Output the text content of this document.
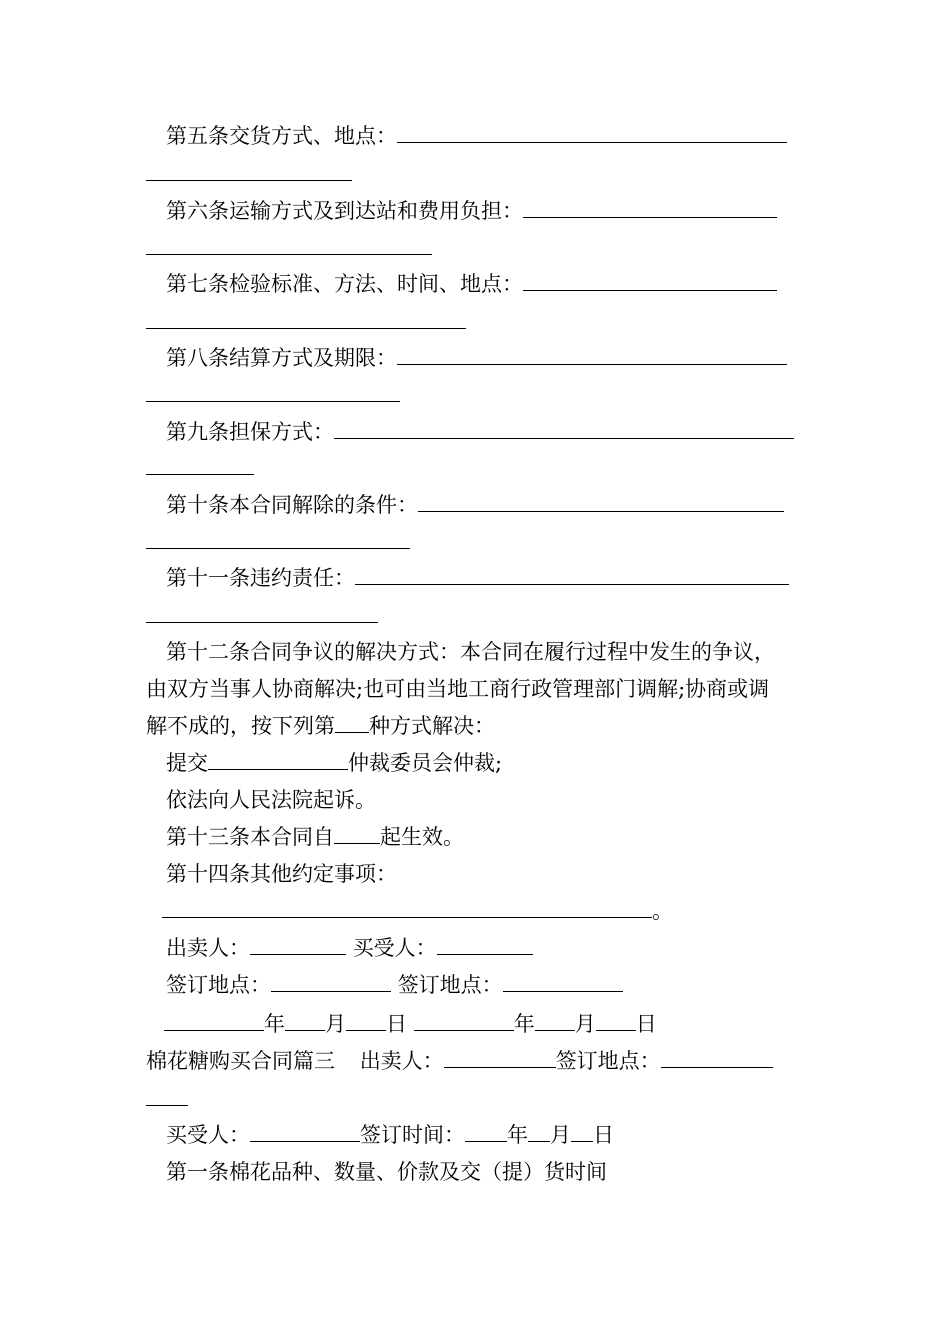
第五条交货方式、地点：
第六条运输方式及到达站和费用负担：
第七条检验标准、方法、时间、地点：
第八条结算方式及期限：
第九条担保方式：
第十条本合同解除的条件：
第十一条违约责任：
第十二条合同争议的解决方式：本合同在履行过程中发生的争议，
由双方当事人协商解决;也可由当地工商行政管理部门调解;协商或调
解不成的，按下列第 种方式解决：
提交	仲裁委员会仲裁;
依法向人民法院起诉。
第十三条本合同自 起生效。
第十四条其他约定事项：
。
出卖人：	买受人：
签订地点：	签订地点：
年 月 日	年 月 日
棉花糖购买合同篇三 出卖人：	签订地点：
买受人：	签订时间： 年 月 日
第一条棉花品种、数量、价款及交（提）货时间
